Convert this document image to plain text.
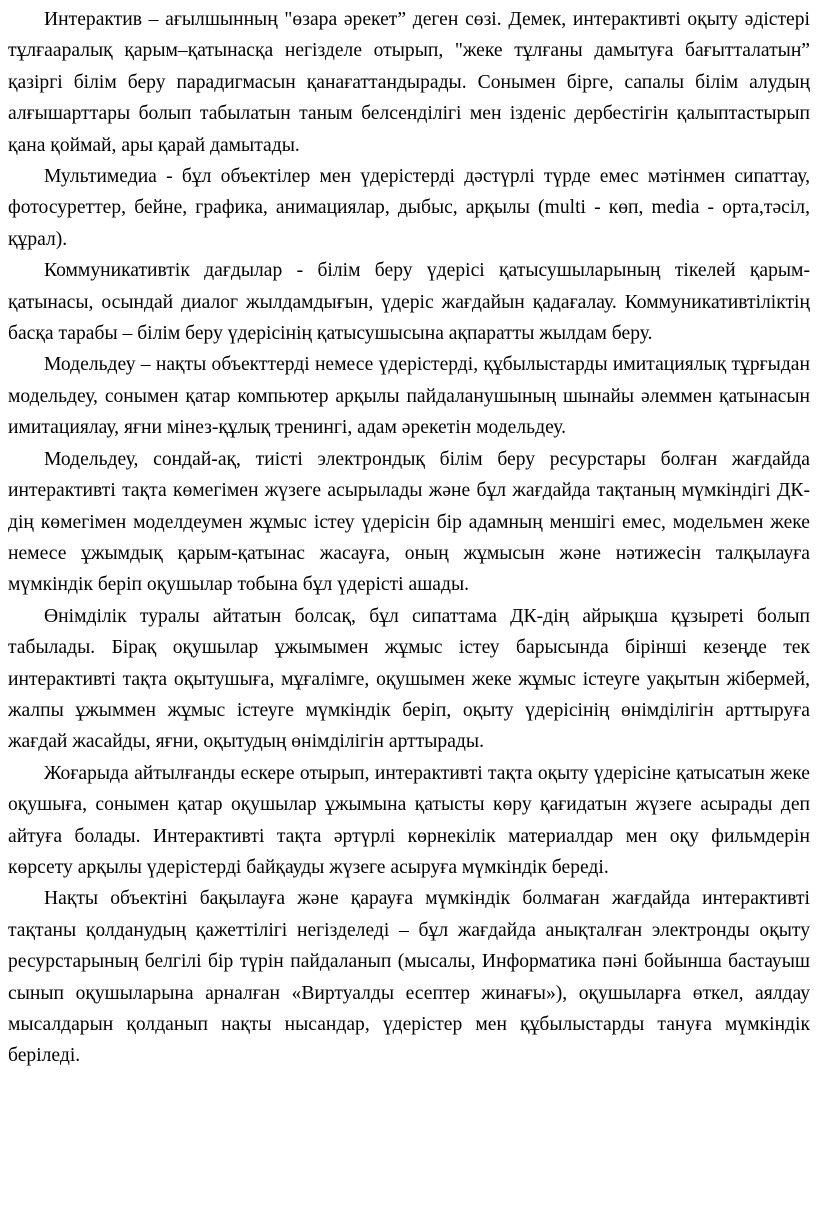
Интерактив – ағылшынның "өзара әрекет” деген сөзі. Демек, интерактивті оқыту әдістері тұлғааралық қарым–қатынасқа негізделе отырып, "жеке тұлғаны дамытуға бағытталатын” қазіргі білім беру парадигмасын қанағаттандырады. Сонымен бірге, сапалы білім алудың алғышарттары болып табылатын таным белсенділігі мен ізденіс дербестігін қалыптастырып қана қоймай, ары қарай дамытады.

Мультимедиа - бұл объектілер мен үдерістерді дәстүрлі түрде емес мәтінмен сипаттау, фотосуреттер, бейне, графика, анимациялар, дыбыс, арқылы (multi - көп, media - орта,тәсіл, құрал).

Коммуникативтік дағдылар - білім беру үдерісі қатысушыларының тікелей қарым-қатынасы, осындай диалог жылдамдығын, үдеріс жағдайын қадағалау. Коммуникативтіліктің басқа тарабы – білім беру үдерісінің қатысушысына ақпаратты жылдам беру.

Модельдеу – нақты объекттерді немесе үдерістерді, құбылыстарды имитациялық тұрғыдан модельдеу, сонымен қатар компьютер арқылы пайдаланушының шынайы әлеммен қатынасын имитациялау, яғни мінез-құлық тренингі, адам әрекетін модельдеу.

Модельдеу, сондай-ақ, тиісті электрондық білім беру ресурстары болған жағдайда интерактивті тақта көмегімен жүзеге асырылады және бұл жағдайда тақтаның мүмкіндігі ДК-дің көмегімен моделдеумен жұмыс істеу үдерісін бір адамның меншігі емес, модельмен жеке немесе ұжымдық қарым-қатынас жасауға, оның жұмысын және нәтижесін талқылауға мүмкіндік беріп оқушылар тобына бұл үдерісті ашады.

Өнімділік туралы айтатын болсақ, бұл сипаттама ДК-дің айрықша құзыреті болып табылады. Бірақ оқушылар ұжымымен жұмыс істеу барысында бірінші кезеңде тек интерактивті тақта оқытушыға, мұғалімге, оқушымен жеке жұмыс істеуге уақытын жібермей, жалпы ұжыммен жұмыс істеуге мүмкіндік беріп, оқыту үдерісінің өнімділігін арттыруға жағдай жасайды, яғни, оқытудың өнімділігін арттырады.

Жоғарыда айтылғанды ескере отырып, интерактивті тақта оқыту үдерісіне қатысатын жеке оқушыға, сонымен қатар оқушылар ұжымына қатысты көру қағидатын жүзеге асырады деп айтуға болады. Интерактивті тақта әртүрлі көрнекілік материалдар мен оқу фильмдерін көрсету арқылы үдерістерді байқауды жүзеге асыруға мүмкіндік береді.

Нақты объектіні бақылауға және қарауға мүмкіндік болмаған жағдайда интерактивті тақтаны қолданудың қажеттілігі негізделеді – бұл жағдайда анықталған электронды оқыту ресурстарының белгілі бір түрін пайдаланып (мысалы, Информатика пәні бойынша бастауыш сынып оқушыларына арналған «Виртуалды есептер жинағы»), оқушыларға өткел, аялдау мысалдарын қолданып нақты нысандар, үдерістер мен құбылыстарды тануға мүмкіндік беріледі.
